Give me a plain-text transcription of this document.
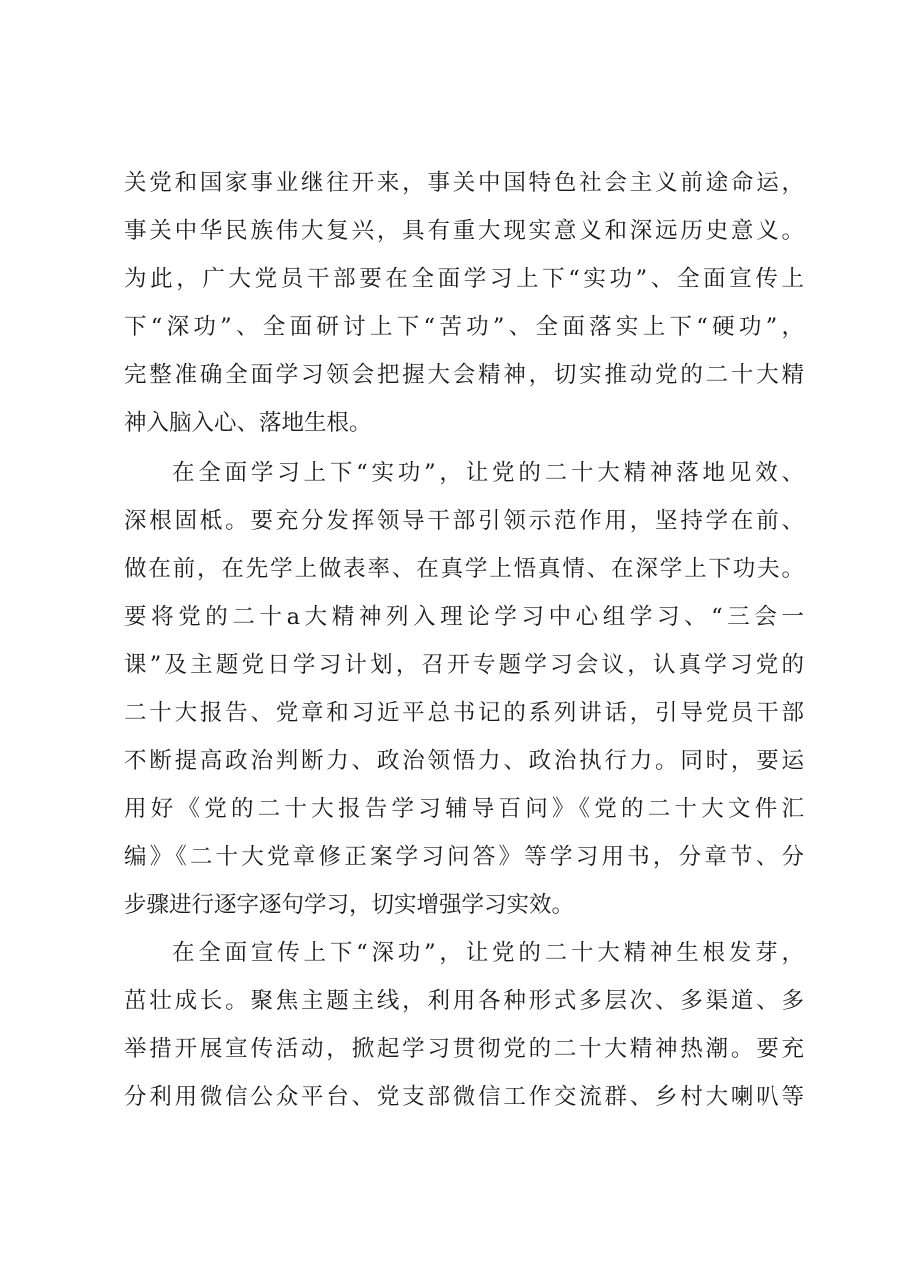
关党和国家事业继往开来，事关中国特色社会主义前途命运，
事关中华民族伟大复兴，具有重大现实意义和深远历史意义。
为此，广大党员干部要在全面学习上下“实功”、全面宣传上
下“深功”、全面研讨上下“苦功”、全面落实上下“硬功”，
完整准确全面学习领会把握大会精神，切实推动党的二十大精
神入脑入心、落地生根。
在全面学习上下“实功”，让党的二十大精神落地见效、
深根固柢。要充分发挥领导干部引领示范作用，坚持学在前、
做在前，在先学上做表率、在真学上悟真情、在深学上下功夫。
要将党的二十a大精神列入理论学习中心组学习、“三会一
课”及主题党日学习计划，召开专题学习会议，认真学习党的
二十大报告、党章和习近平总书记的系列讲话，引导党员干部
不断提高政治判断力、政治领悟力、政治执行力。同时，要运
用好《党的二十大报告学习辅导百问》《党的二十大文件汇
编》《二十大党章修正案学习问答》等学习用书，分章节、分
步骤进行逐字逐句学习，切实增强学习实效。
在全面宣传上下“深功”，让党的二十大精神生根发芽，
茁壮成长。聚焦主题主线，利用各种形式多层次、多渠道、多
举措开展宣传活动，掀起学习贯彻党的二十大精神热潮。要充
分利用微信公众平台、党支部微信工作交流群、乡村大喇叭等
